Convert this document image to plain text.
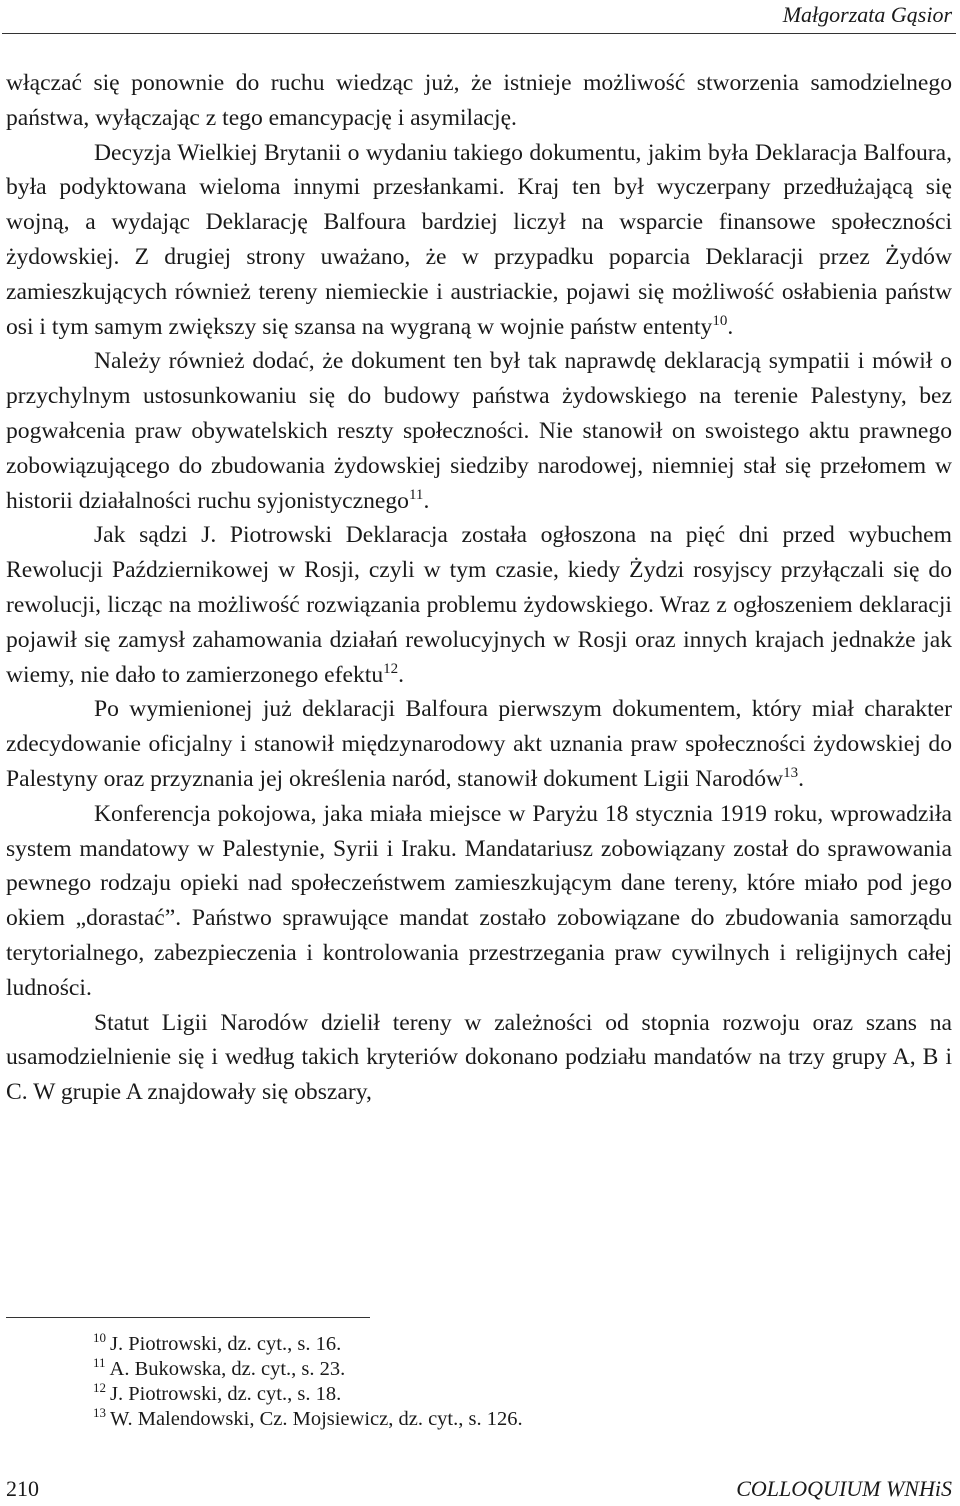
Małgorzata Gąsior

włączać się ponownie do ruchu wiedząc już, że istnieje możliwość stworzenia samodzielnego państwa, wyłączając z tego emancypację i asymilację.

Decyzja Wielkiej Brytanii o wydaniu takiego dokumentu, jakim była Deklaracja Balfoura, była podyktowana wieloma innymi przesłankami. Kraj ten był wyczerpany przedłużającą się wojną, a wydając Deklarację Balfoura bardziej liczył na wsparcie finansowe społeczności żydowskiej. Z drugiej strony uważano, że w przypadku poparcia Deklaracji przez Żydów zamieszkujących również tereny niemieckie i austriackie, pojawi się możliwość osłabienia państw osi i tym samym zwiększy się szansa na wygraną w wojnie państw ententy$^{10}$.

Należy również dodać, że dokument ten był tak naprawdę deklaracją sympatii i mówił o przychylnym ustosunkowaniu się do budowy państwa żydowskiego na terenie Palestyny, bez pogwałcenia praw obywatelskich reszty społeczności. Nie stanowił on swoistego aktu prawnego zobowiązującego do zbudowania żydowskiej siedziby narodowej, niemniej stał się przełomem w historii działalności ruchu syjonistycznego$^{11}$.

Jak sądzi J. Piotrowski Deklaracja została ogłoszona na pięć dni przed wybuchem Rewolucji Październikowej w Rosji, czyli w tym czasie, kiedy Żydzi rosyjscy przyłączali się do rewolucji, licząc na możliwość rozwiązania problemu żydowskiego. Wraz z ogłoszeniem deklaracji pojawił się zamysł zahamowania działań rewolucyjnych w Rosji oraz innych krajach jednakże jak wiemy, nie dało to zamierzonego efektu$^{12}$.

Po wymienionej już deklaracji Balfoura pierwszym dokumentem, który miał charakter zdecydowanie oficjalny i stanowił międzynarodowy akt uznania praw społeczności żydowskiej do Palestyny oraz przyznania jej określenia naród, stanowił dokument Ligii Narodów$^{13}$.

Konferencja pokojowa, jaka miała miejsce w Paryżu 18 stycznia 1919 roku, wprowadziła system mandatowy w Palestynie, Syrii i Iraku. Mandatariusz zobowiązany został do sprawowania pewnego rodzaju opieki nad społeczeństwem zamieszkującym dane tereny, które miało pod jego okiem „dorastać”. Państwo sprawujące mandat zostało zobowiązane do zbudowania samorządu terytorialnego, zabezpieczenia i kontrolowania przestrzegania praw cywilnych i religijnych całej ludności.

Statut Ligii Narodów dzielił tereny w zależności od stopnia rozwoju oraz szans na usamodzielnienie się i według takich kryteriów dokonano podziału mandatów na trzy grupy A, B i C. W grupie A znajdowały się obszary,

$^{10}$ J. Piotrowski, dz. cyt., s. 16.

$^{11}$ A. Bukowska, dz. cyt., s. 23.

$^{12}$ J. Piotrowski, dz. cyt., s. 18.

$^{13}$ W. Malendowski, Cz. Mojsiewicz, dz. cyt., s. 126.

210	COLLOQUIUM WNHiS
